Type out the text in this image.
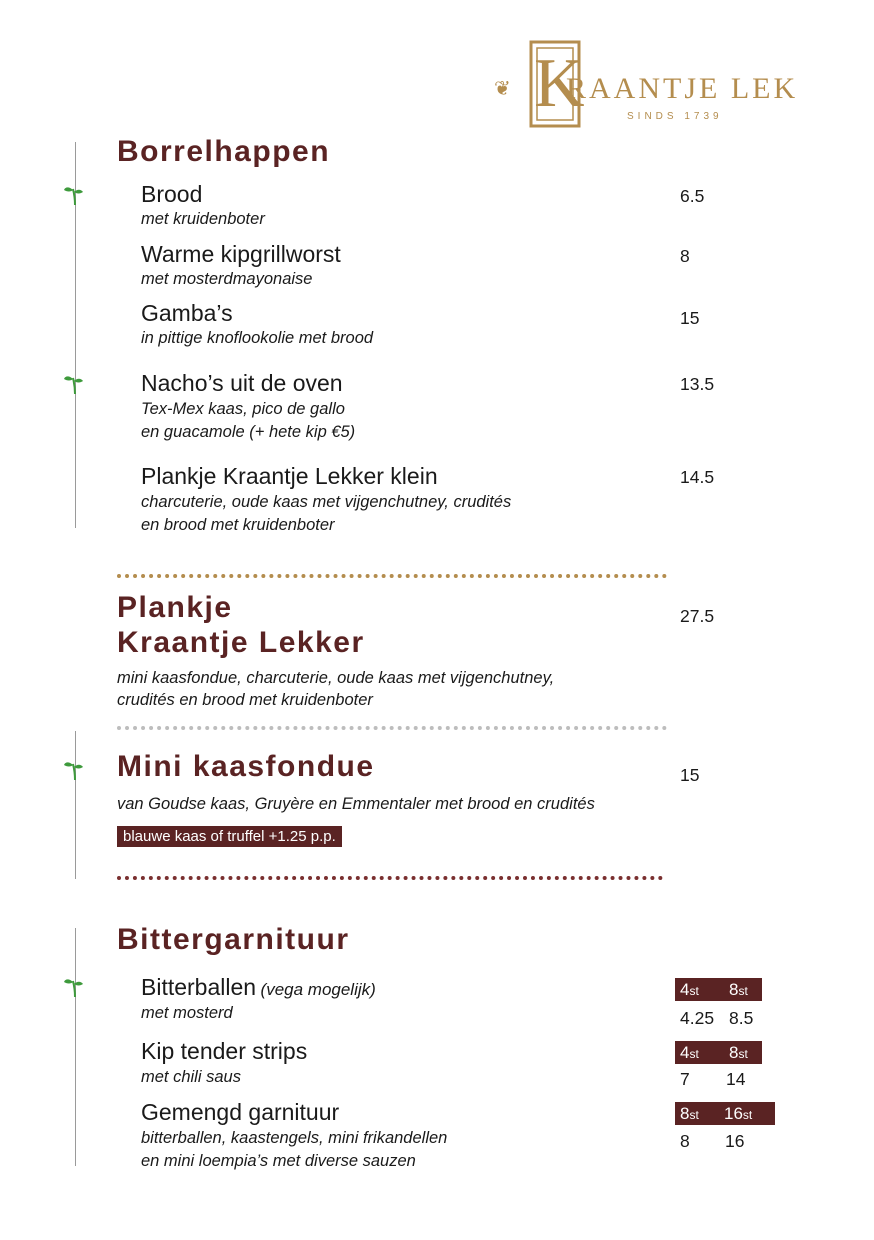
❦ K
RAANTJE LEK
SINDS 1739
Borrelhappen
Brood
met kruidenboter
6.5
Warme kipgrillworst
met mosterdmayonaise
8
Gamba’s
in pittige knoflookolie met brood
15
Nacho’s uit de oven
Tex-Mex kaas, pico de gallo
en guacamole (+ hete kip €5)
13.5
Plankje Kraantje Lekker klein
charcuterie, oude kaas met vijgenchutney, crudités
en brood met kruidenboter
14.5
Plankje
Kraantje Lekker
27.5
mini kaasfondue, charcuterie, oude kaas met vijgenchutney,
crudités en brood met kruidenboter
Mini kaasfondue	15
van Goudse kaas, Gruyère en Emmentaler met brood en crudités
blauwe kaas of truffel +1.25 p.p.
Bittergarnituur
Bitterballen (vega mogelijk)
met mosterd
4st 8st
4.25 8.5
Kip tender strips
met chili saus
4st 8st
7 14
Gemengd garnituur
bitterballen, kaastengels, mini frikandellen
en mini loempia’s met diverse sauzen
8st 16st
8 16
